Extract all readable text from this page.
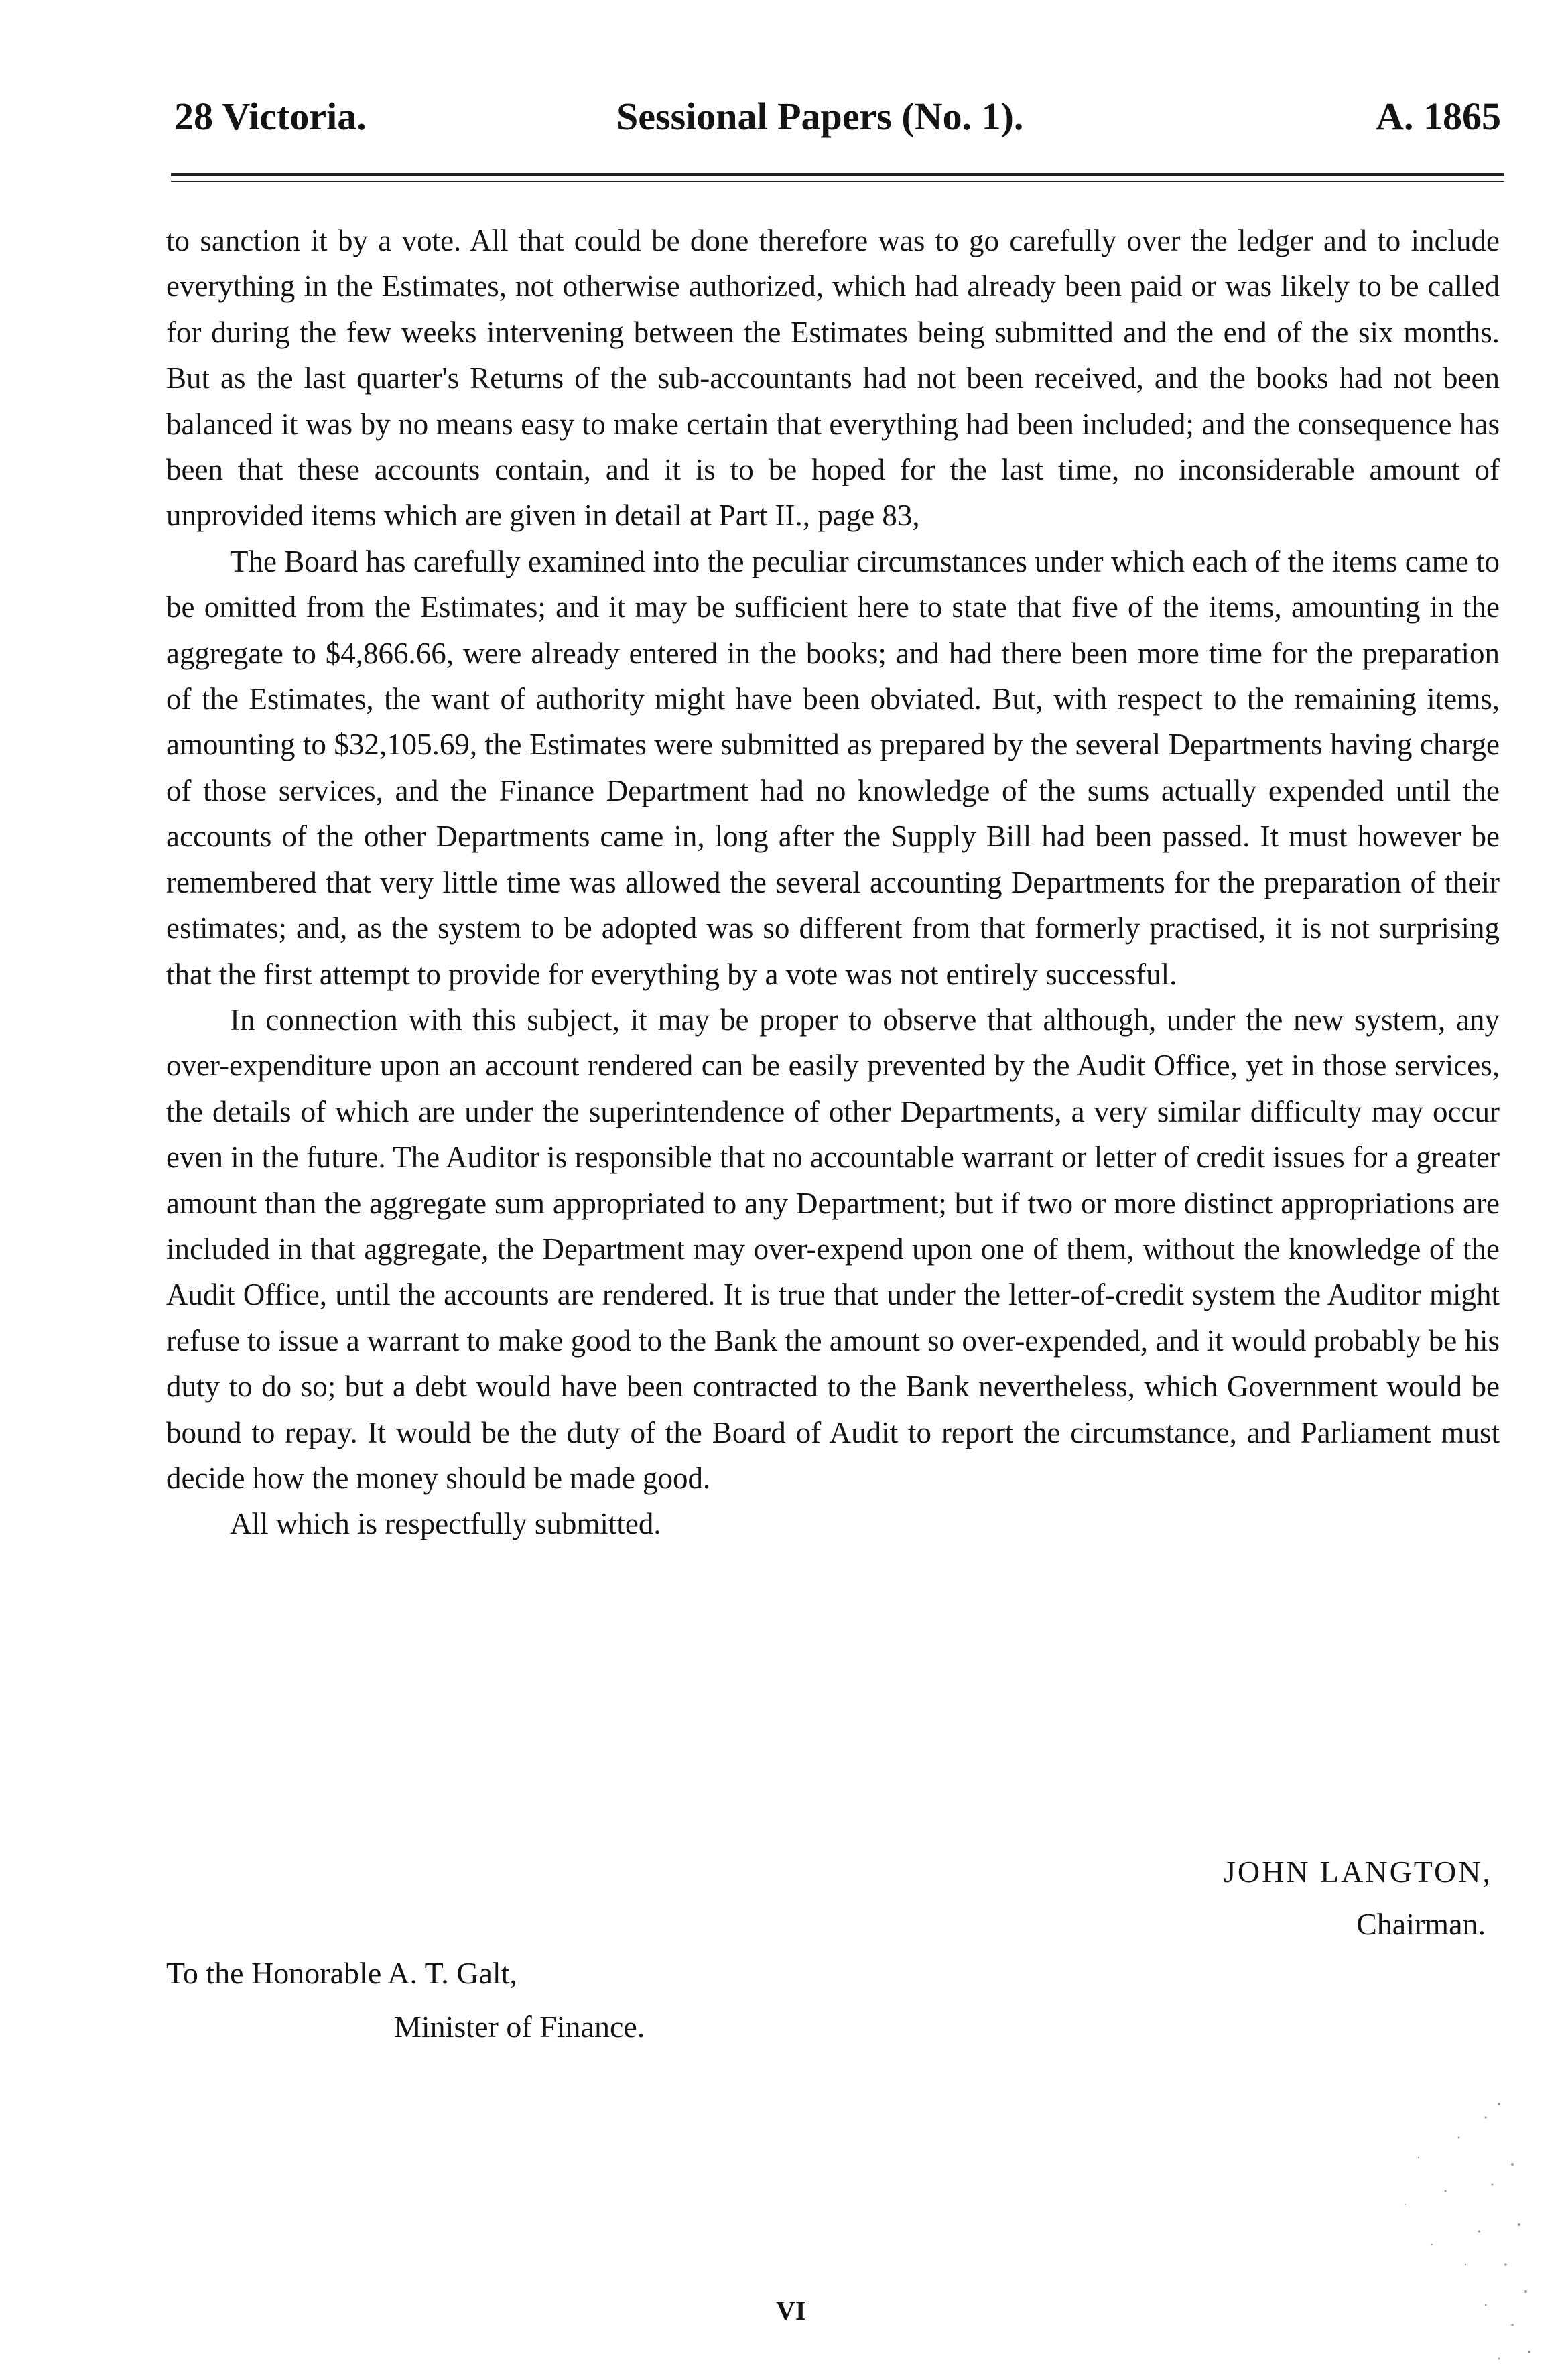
28 Victoria.	Sessional Papers (No. 1).	A. 1865

to sanction it by a vote. All that could be done therefore was to go carefully over the ledger and to include everything in the Estimates, not otherwise authorized, which had already been paid or was likely to be called for during the few weeks intervening between the Estimates being submitted and the end of the six months. But as the last quarter's Returns of the sub-accountants had not been received, and the books had not been balanced it was by no means easy to make certain that everything had been included; and the consequence has been that these accounts contain, and it is to be hoped for the last time, no inconsiderable amount of unprovided items which are given in detail at Part II., page 83,

The Board has carefully examined into the peculiar circumstances under which each of the items came to be omitted from the Estimates; and it may be sufficient here to state that five of the items, amounting in the aggregate to $4,866.66, were already entered in the books; and had there been more time for the preparation of the Estimates, the want of authority might have been obviated. But, with respect to the remaining items, amounting to $32,105.69, the Estimates were submitted as prepared by the several Departments having charge of those services, and the Finance Department had no knowledge of the sums actually expended until the accounts of the other Departments came in, long after the Supply Bill had been passed. It must however be remembered that very little time was allowed the several accounting Departments for the preparation of their estimates; and, as the system to be adopted was so different from that formerly practised, it is not surprising that the first attempt to provide for everything by a vote was not entirely successful.

In connection with this subject, it may be proper to observe that although, under the new system, any over-expenditure upon an account rendered can be easily prevented by the Audit Office, yet in those services, the details of which are under the superintendence of other Departments, a very similar difficulty may occur even in the future. The Auditor is responsible that no accountable warrant or letter of credit issues for a greater amount than the aggregate sum appropriated to any Department; but if two or more distinct appropriations are included in that aggregate, the Department may over-expend upon one of them, without the knowledge of the Audit Office, until the accounts are rendered. It is true that under the letter-of-credit system the Auditor might refuse to issue a warrant to make good to the Bank the amount so over-expended, and it would probably be his duty to do so; but a debt would have been contracted to the Bank nevertheless, which Government would be bound to repay. It would be the duty of the Board of Audit to report the circumstance, and Parliament must decide how the money should be made good.

All which is respectfully submitted.

JOHN LANGTON,
Chairman.
To the Honorable A. T. Galt,
Minister of Finance.
VI
